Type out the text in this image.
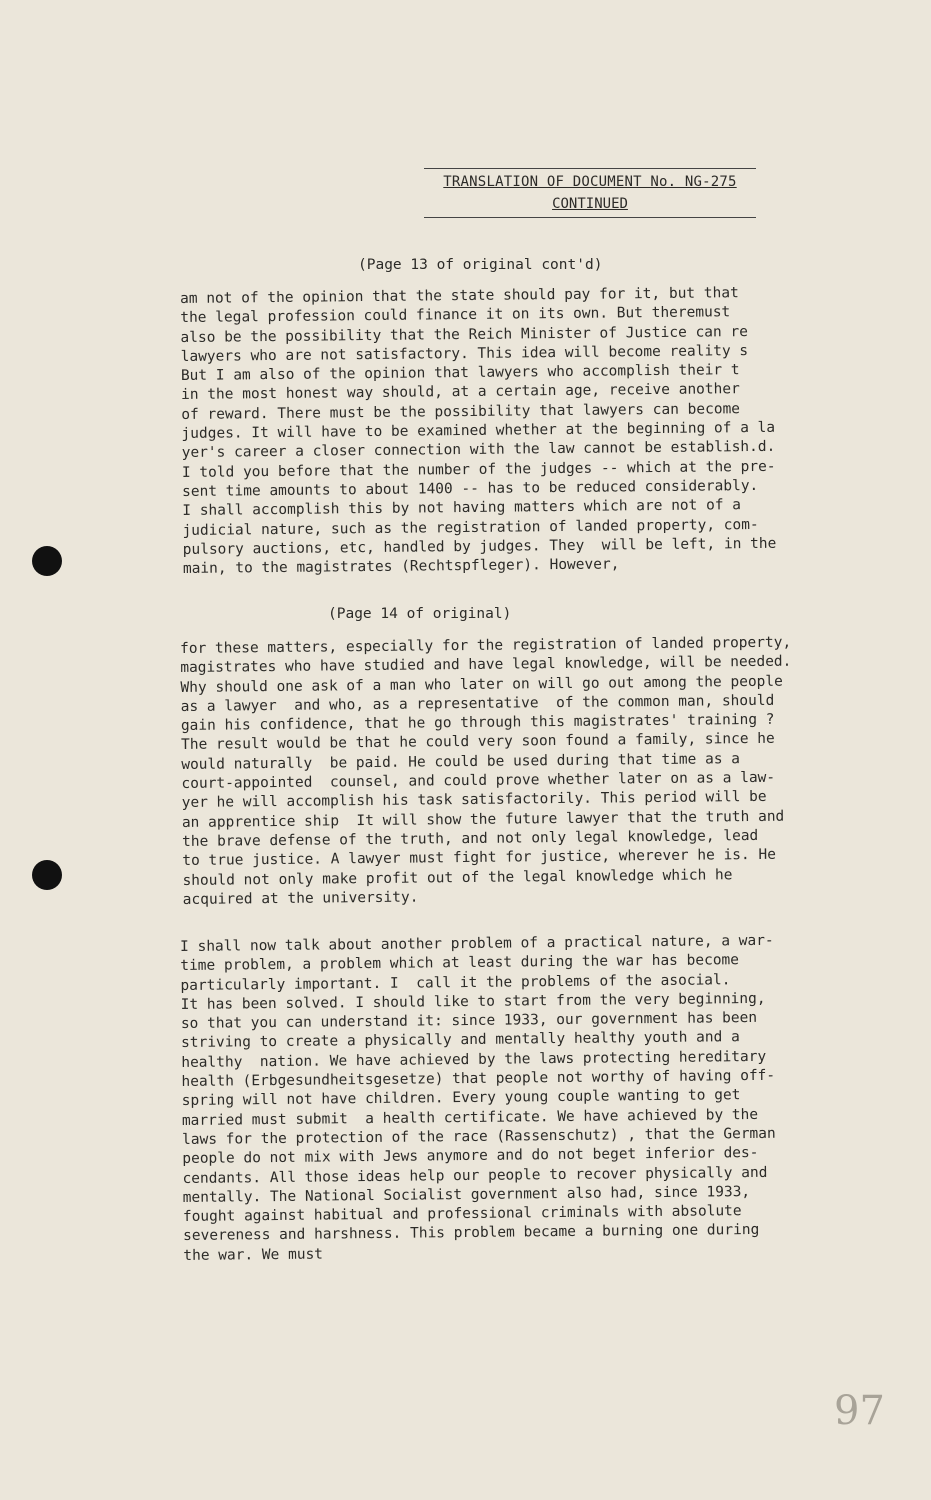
TRANSLATION OF DOCUMENT No. NG-275
CONTINUED
(Page 13 of original cont'd)
am not of the opinion that the state should pay for it, but that
the legal profession could finance it on its own. But theremust
also be the possibility that the Reich Minister of Justice can re
lawyers who are not satisfactory. This idea will become reality s
But I am also of the opinion that lawyers who accomplish their t
in the most honest way should, at a certain age, receive another
of reward. There must be the possibility that lawyers can become
judges. It will have to be examined whether at the beginning of a la
yer's career a closer connection with the law cannot be establish.d.
I told you before that the number of the judges -- which at the pre-
sent time amounts to about 1400 -- has to be reduced considerably.
I shall accomplish this by not having matters which are not of a
judicial nature, such as the registration of landed property, com-
pulsory auctions, etc, handled by judges. They  will be left, in the
main, to the magistrates (Rechtspfleger). However,
(Page 14 of original)
for these matters, especially for the registration of landed property,
magistrates who have studied and have legal knowledge, will be needed.
Why should one ask of a man who later on will go out among the people
as a lawyer  and who, as a representative  of the common man, should
gain his confidence, that he go through this magistrates' training ?
The result would be that he could very soon found a family, since he
would naturally  be paid. He could be used during that time as a
court-appointed  counsel, and could prove whether later on as a law-
yer he will accomplish his task satisfactorily. This period will be
an apprentice ship  It will show the future lawyer that the truth and
the brave defense of the truth, and not only legal knowledge, lead
to true justice. A lawyer must fight for justice, wherever he is. He
should not only make profit out of the legal knowledge which he
acquired at the university.
I shall now talk about another problem of a practical nature, a war-
time problem, a problem which at least during the war has become
particularly important. I  call it the problems of the asocial.
It has been solved. I should like to start from the very beginning,
so that you can understand it: since 1933, our government has been
striving to create a physically and mentally healthy youth and a
healthy  nation. We have achieved by the laws protecting hereditary
health (Erbgesundheitsgesetze) that people not worthy of having off-
spring will not have children. Every young couple wanting to get
married must submit  a health certificate. We have achieved by the
laws for the protection of the race (Rassenschutz) , that the German
people do not mix with Jews anymore and do not beget inferior des-
cendants. All those ideas help our people to recover physically and
mentally. The National Socialist government also had, since 1933,
fought against habitual and professional criminals with absolute
severeness and harshness. This problem became a burning one during
the war. We must
97
